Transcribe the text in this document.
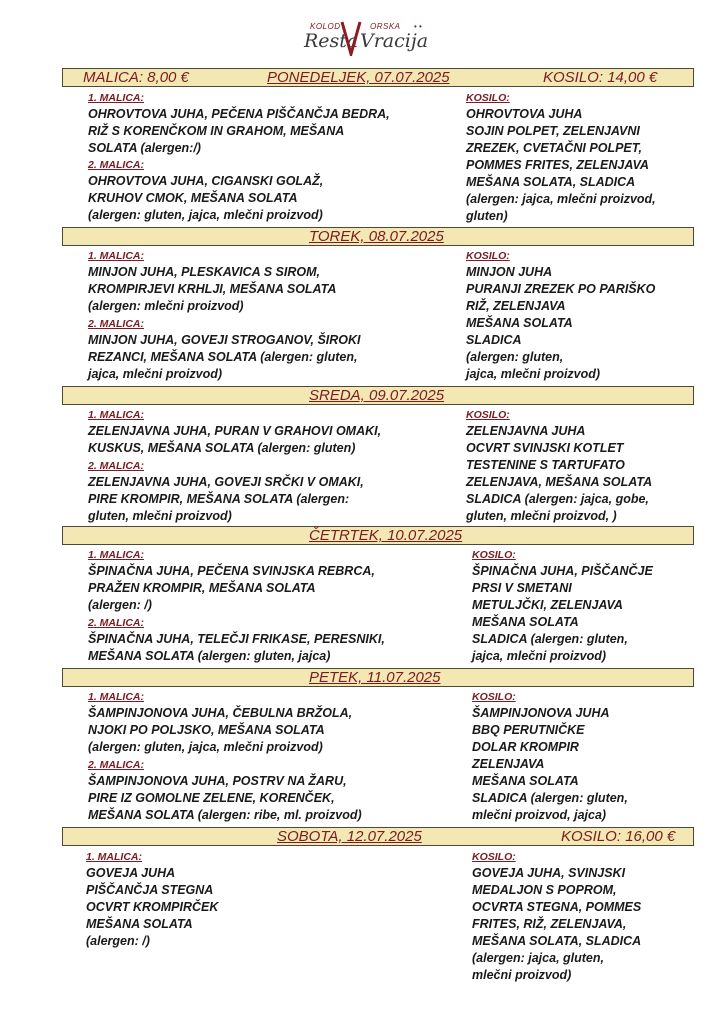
KOLOD	ORSKA • •
Resta Vracija
MALICA: 8,00 €	PONEDELJEK, 07.07.2025	KOSILO: 14,00 €
1. MALICA:
OHROVTOVA JUHA, PEČENA PIŠČANČJA BEDRA,
RIŽ S KORENČKOM IN GRAHOM, MEŠANA
SOLATA (alergen:/)
2. MALICA:
OHROVTOVA JUHA, CIGANSKI GOLAŽ,
KRUHOV CMOK, MEŠANA SOLATA
(alergen: gluten, jajca, mlečni proizvod)
KOSILO:
OHROVTOVA JUHA
SOJIN POLPET, ZELENJAVNI
ZREZEK, CVETAČNI POLPET,
POMMES FRITES, ZELENJAVA
MEŠANA SOLATA, SLADICA
(alergen: jajca, mlečni proizvod,
gluten)
TOREK, 08.07.2025
1. MALICA:
MINJON JUHA, PLESKAVICA S SIROM,
KROMPIRJEVI KRHLJI, MEŠANA SOLATA
(alergen: mlečni proizvod)
2. MALICA:
MINJON JUHA, GOVEJI STROGANOV, ŠIROKI
REZANCI, MEŠANA SOLATA (alergen: gluten,
jajca, mlečni proizvod)
KOSILO:
MINJON JUHA
PURANJI ZREZEK PO PARIŠKO
RIŽ, ZELENJAVA
MEŠANA SOLATA
SLADICA
(alergen: gluten,
jajca, mlečni proizvod)
SREDA, 09.07.2025
1. MALICA:
ZELENJAVNA JUHA, PURAN V GRAHOVI OMAKI,
KUSKUS, MEŠANA SOLATA (alergen: gluten)
2. MALICA:
ZELENJAVNA JUHA, GOVEJI SRČKI V OMAKI,
PIRE KROMPIR, MEŠANA SOLATA (alergen:
gluten, mlečni proizvod)
KOSILO:
ZELENJAVNA JUHA
OCVRT SVINJSKI KOTLET
TESTENINE S TARTUFATO
ZELENJAVA, MEŠANA SOLATA
SLADICA (alergen: jajca, gobe,
gluten, mlečni proizvod, )
ČETRTEK, 10.07.2025
1. MALICA:
ŠPINAČNA JUHA, PEČENA SVINJSKA REBRCA,
PRAŽEN KROMPIR, MEŠANA SOLATA
(alergen: /)
2. MALICA:
ŠPINAČNA JUHA, TELEČJI FRIKASE, PERESNIKI,
MEŠANA SOLATA (alergen: gluten, jajca)
KOSILO:
ŠPINAČNA JUHA, PIŠČANČJE
PRSI V SMETANI
METULJČKI, ZELENJAVA
MEŠANA SOLATA
SLADICA (alergen: gluten,
jajca, mlečni proizvod)
PETEK, 11.07.2025
1. MALICA:
ŠAMPINJONOVA JUHA, ČEBULNA BRŽOLA,
NJOKI PO POLJSKO, MEŠANA SOLATA
(alergen: gluten, jajca, mlečni proizvod)
2. MALICA:
ŠAMPINJONOVA JUHA, POSTRV NA ŽARU,
PIRE IZ GOMOLNE ZELENE, KORENČEK,
MEŠANA SOLATA (alergen: ribe, ml. proizvod)
KOSILO:
ŠAMPINJONOVA JUHA
BBQ PERUTNIČKE
DOLAR KROMPIR
ZELENJAVA
MEŠANA SOLATA
SLADICA (alergen: gluten,
mlečni proizvod, jajca)
SOBOTA, 12.07.2025	KOSILO: 16,00 €
1. MALICA:
GOVEJA JUHA
PIŠČANČJA STEGNA
OCVRT KROMPIRČEK
MEŠANA SOLATA
(alergen: /)
KOSILO:
GOVEJA JUHA, SVINJSKI
MEDALJON S POPROM,
OCVRTA STEGNA, POMMES
FRITES, RIŽ, ZELENJAVA,
MEŠANA SOLATA, SLADICA
(alergen: jajca, gluten,
mlečni proizvod)
